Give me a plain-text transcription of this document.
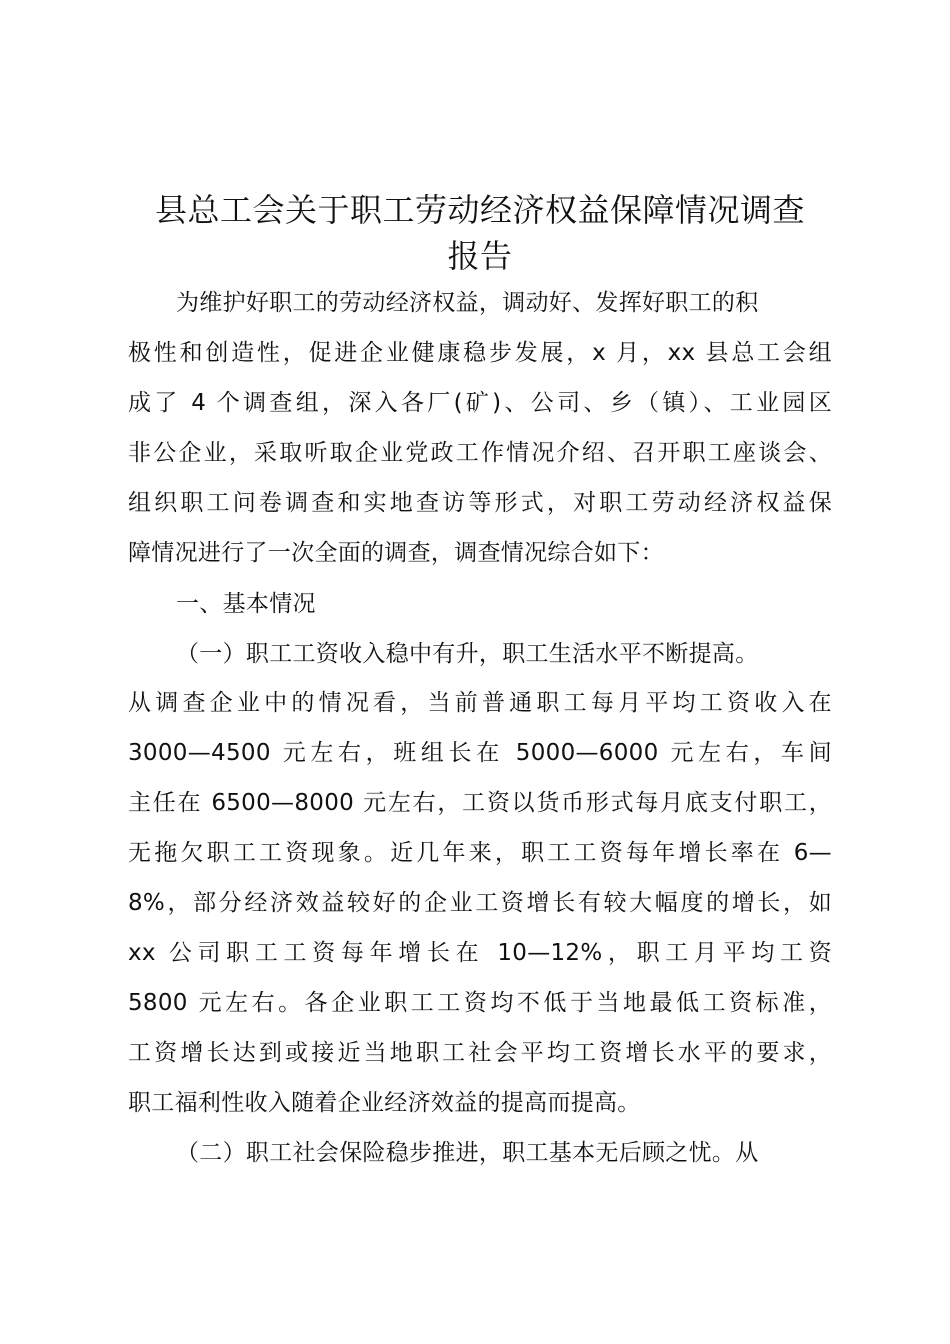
县总工会关于职工劳动经济权益保障情况调查
报告
为维护好职工的劳动经济权益，调动好、发挥好职工的积
极性和创造性，促进企业健康稳步发展，x 月，xx 县总工会组
成了 4 个调查组，深入各厂(矿)、公司、乡（镇）、工业园区
非公企业，采取听取企业党政工作情况介绍、召开职工座谈会、
组织职工问卷调查和实地查访等形式，对职工劳动经济权益保
障情况进行了一次全面的调查，调查情况综合如下：
一、基本情况
（一）职工工资收入稳中有升，职工生活水平不断提高。
从调查企业中的情况看，当前普通职工每月平均工资收入在
3000—4500 元左右，班组长在 5000—6000 元左右，车间
主任在 6500—8000 元左右，工资以货币形式每月底支付职工，
无拖欠职工工资现象。近几年来，职工工资每年增长率在 6—
8%，部分经济效益较好的企业工资增长有较大幅度的增长，如
xx 公司职工工资每年增长在 10—12%，职工月平均工资
5800 元左右。各企业职工工资均不低于当地最低工资标准，
工资增长达到或接近当地职工社会平均工资增长水平的要求，
职工福利性收入随着企业经济效益的提高而提高。
（二）职工社会保险稳步推进，职工基本无后顾之忧。从
